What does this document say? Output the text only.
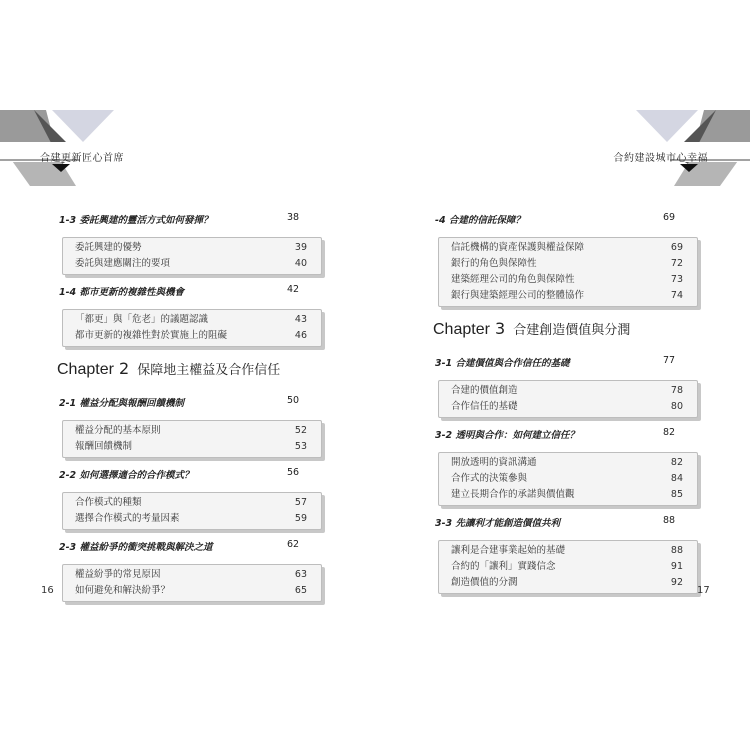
合建更新匠心首席	合約建設城市心幸福
1-3 委託興建的靈活方式如何發揮？	38
委託興建的優勢	39
委託與建應關注的要項	40
1-4 都市更新的複雜性與機會	42
「都更」與「危老」的議題認識	43
都市更新的複雜性對於實施上的阻礙	46
Chapter 2 保障地主權益及合作信任
2-1 權益分配與報酬回饋機制	50
權益分配的基本原則	52
報酬回饋機制	53
2-2 如何選擇適合的合作模式？	56
合作模式的種類	57
選擇合作模式的考量因素	59
2-3 權益紛爭的衝突挑戰與解決之道	62
權益紛爭的常見原因	63
如何避免和解決紛爭？	65
-4 合建的信託保障？	69
信託機構的資產保護與權益保障	69
銀行的角色與保障性	72
建築經理公司的角色與保障性	73
銀行與建築經理公司的整體協作	74
Chapter 3 合建創造價值與分潤
3-1 合建價值與合作信任的基礎	77
合建的價值創造	78
合作信任的基礎	80
3-2 透明與合作：如何建立信任？	82
開放透明的資訊溝通	82
合作式的決策參與	84
建立長期合作的承諾與價值觀	85
3-3 先讓利才能創造價值共利	88
讓利是合建事業起始的基礎	88
合約的「讓利」實踐信念	91
創造價值的分潤	92
16	17
